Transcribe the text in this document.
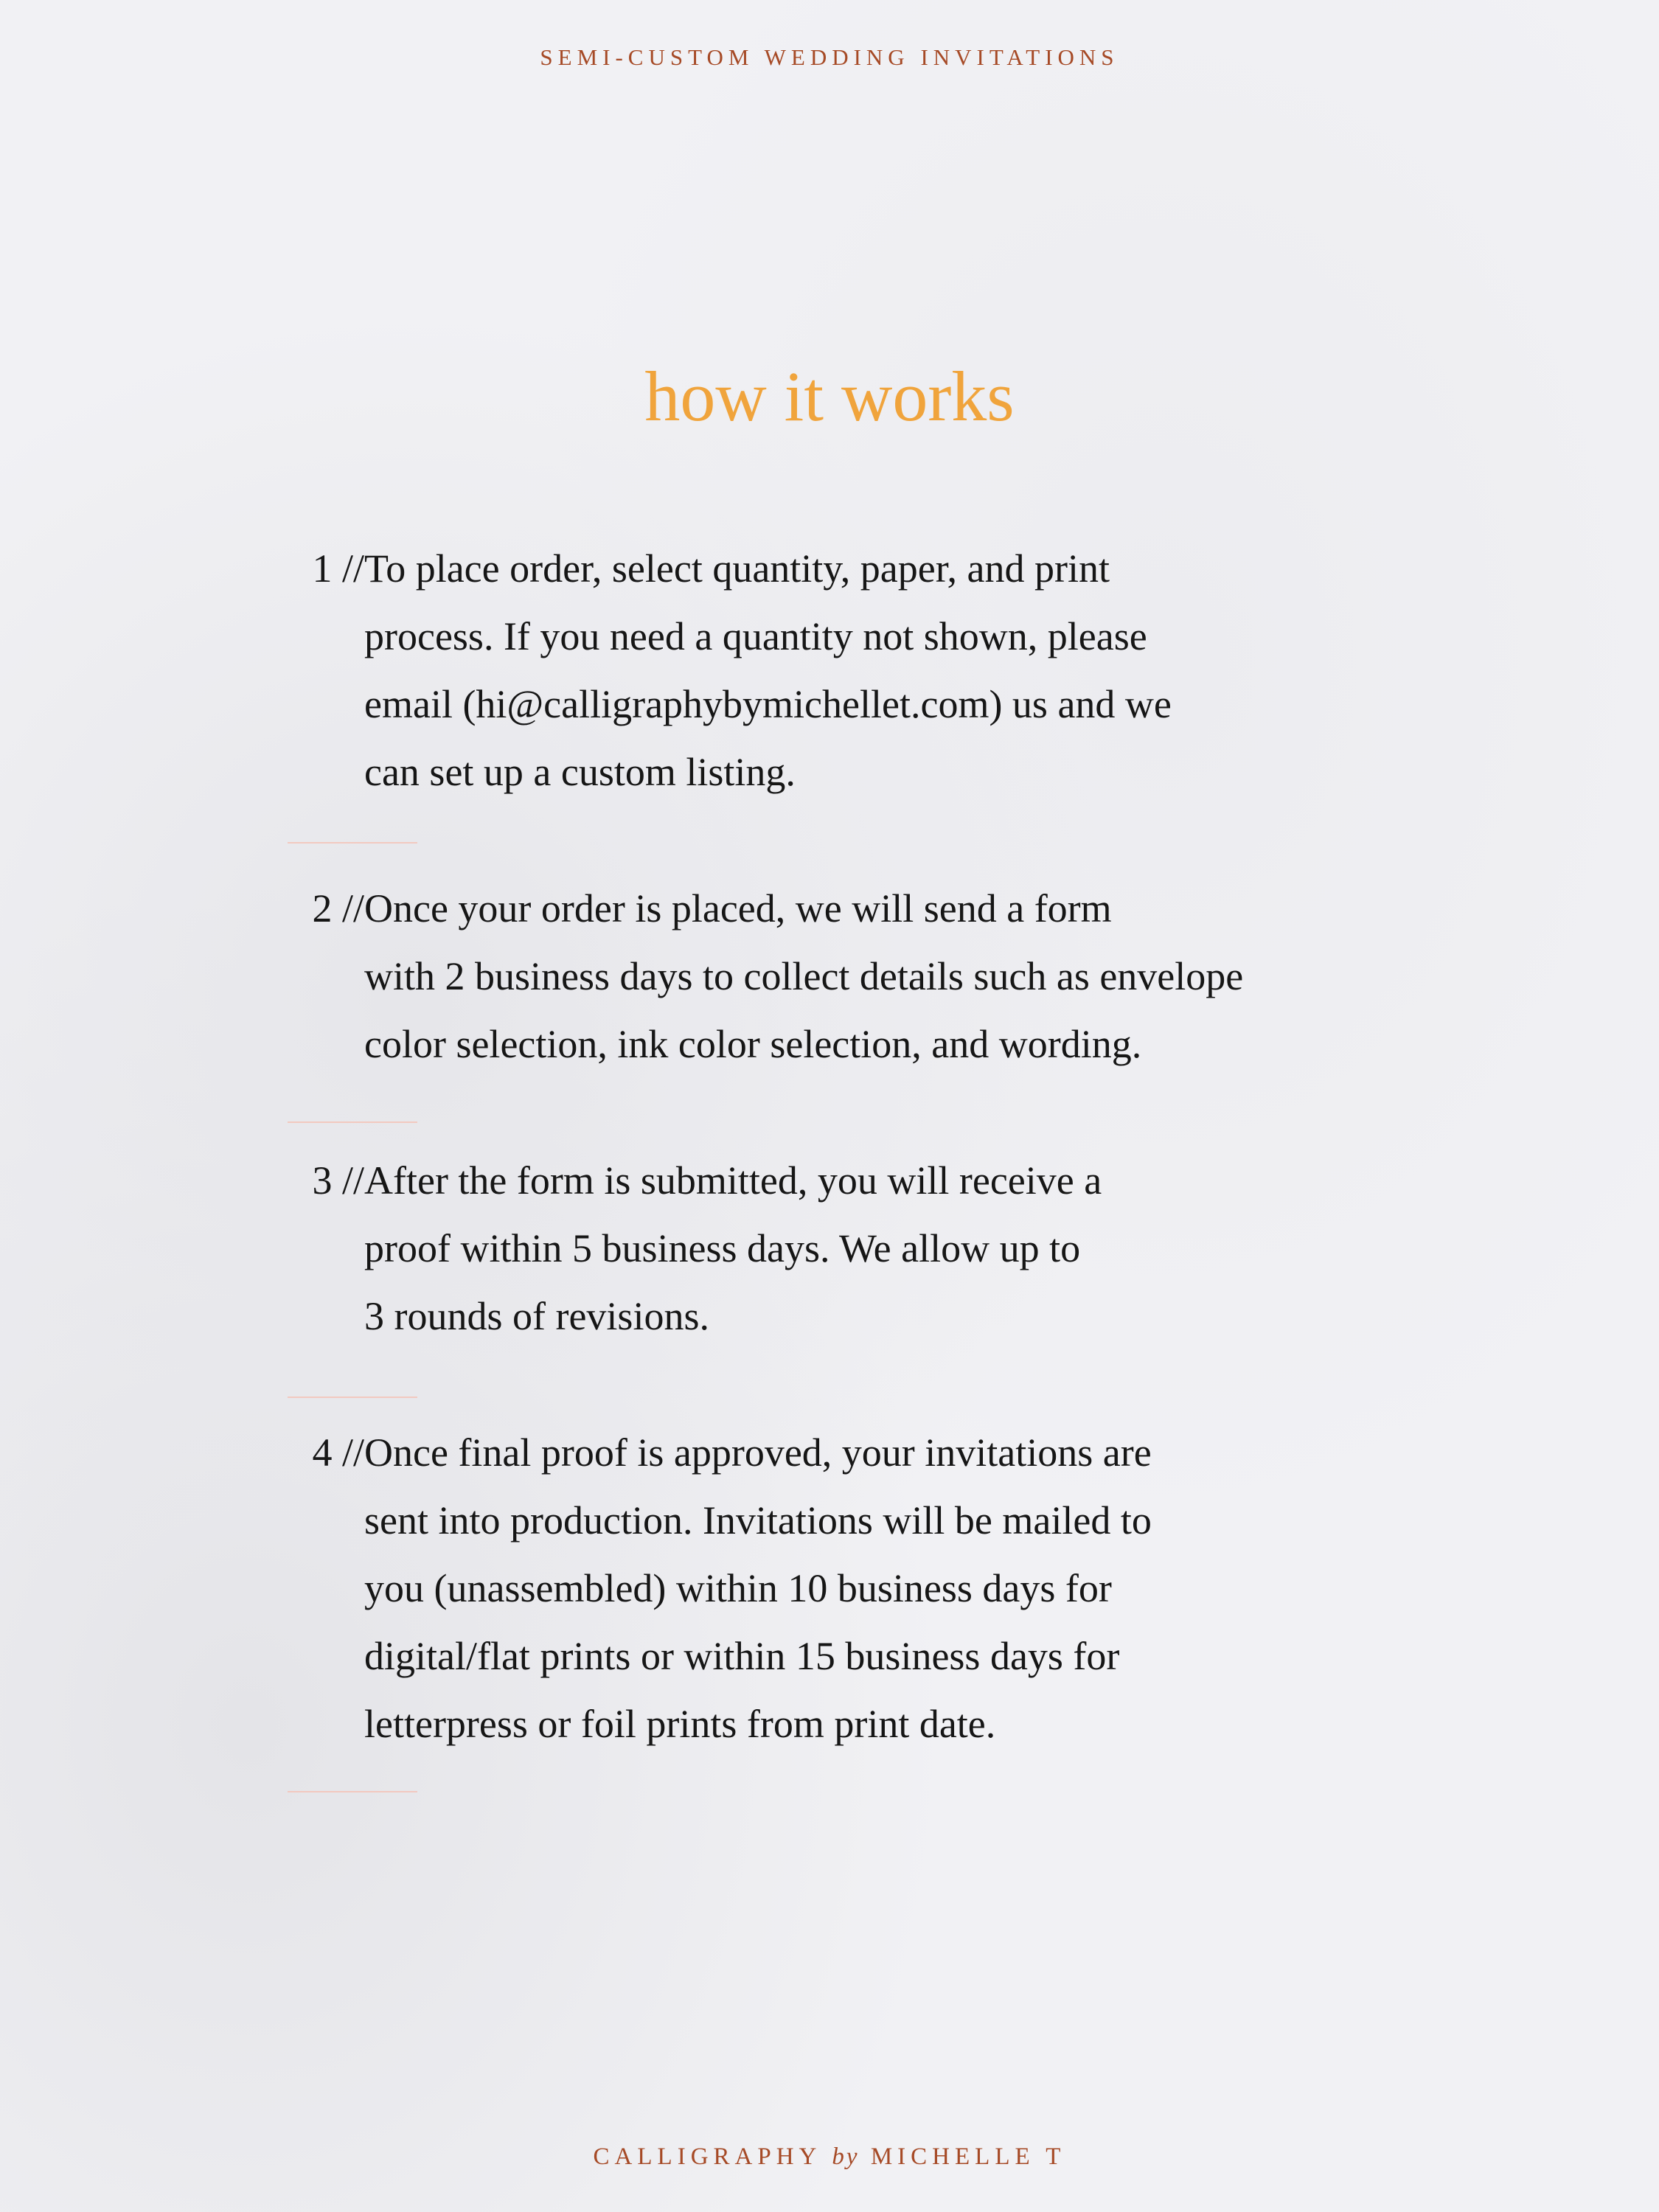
SEMI-CUSTOM WEDDING INVITATIONS
how it works
1 // To place order, select quantity, paper, and print
process. If you need a quantity not shown, please
email (hi@calligraphybymichellet.com) us and we
can set up a custom listing.
2 // Once your order is placed, we will send a form
with 2 business days to collect details such as envelope
color selection, ink color selection, and wording.
3 // After the form is submitted, you will receive a
proof within 5 business days. We allow up to
3 rounds of revisions.
4 // Once final proof is approved, your invitations are
sent into production. Invitations will be mailed to
you (unassembled) within 10 business days for
digital/flat prints or within 15 business days for
letterpress or foil prints from print date.
CALLIGRAPHY by MICHELLE T
